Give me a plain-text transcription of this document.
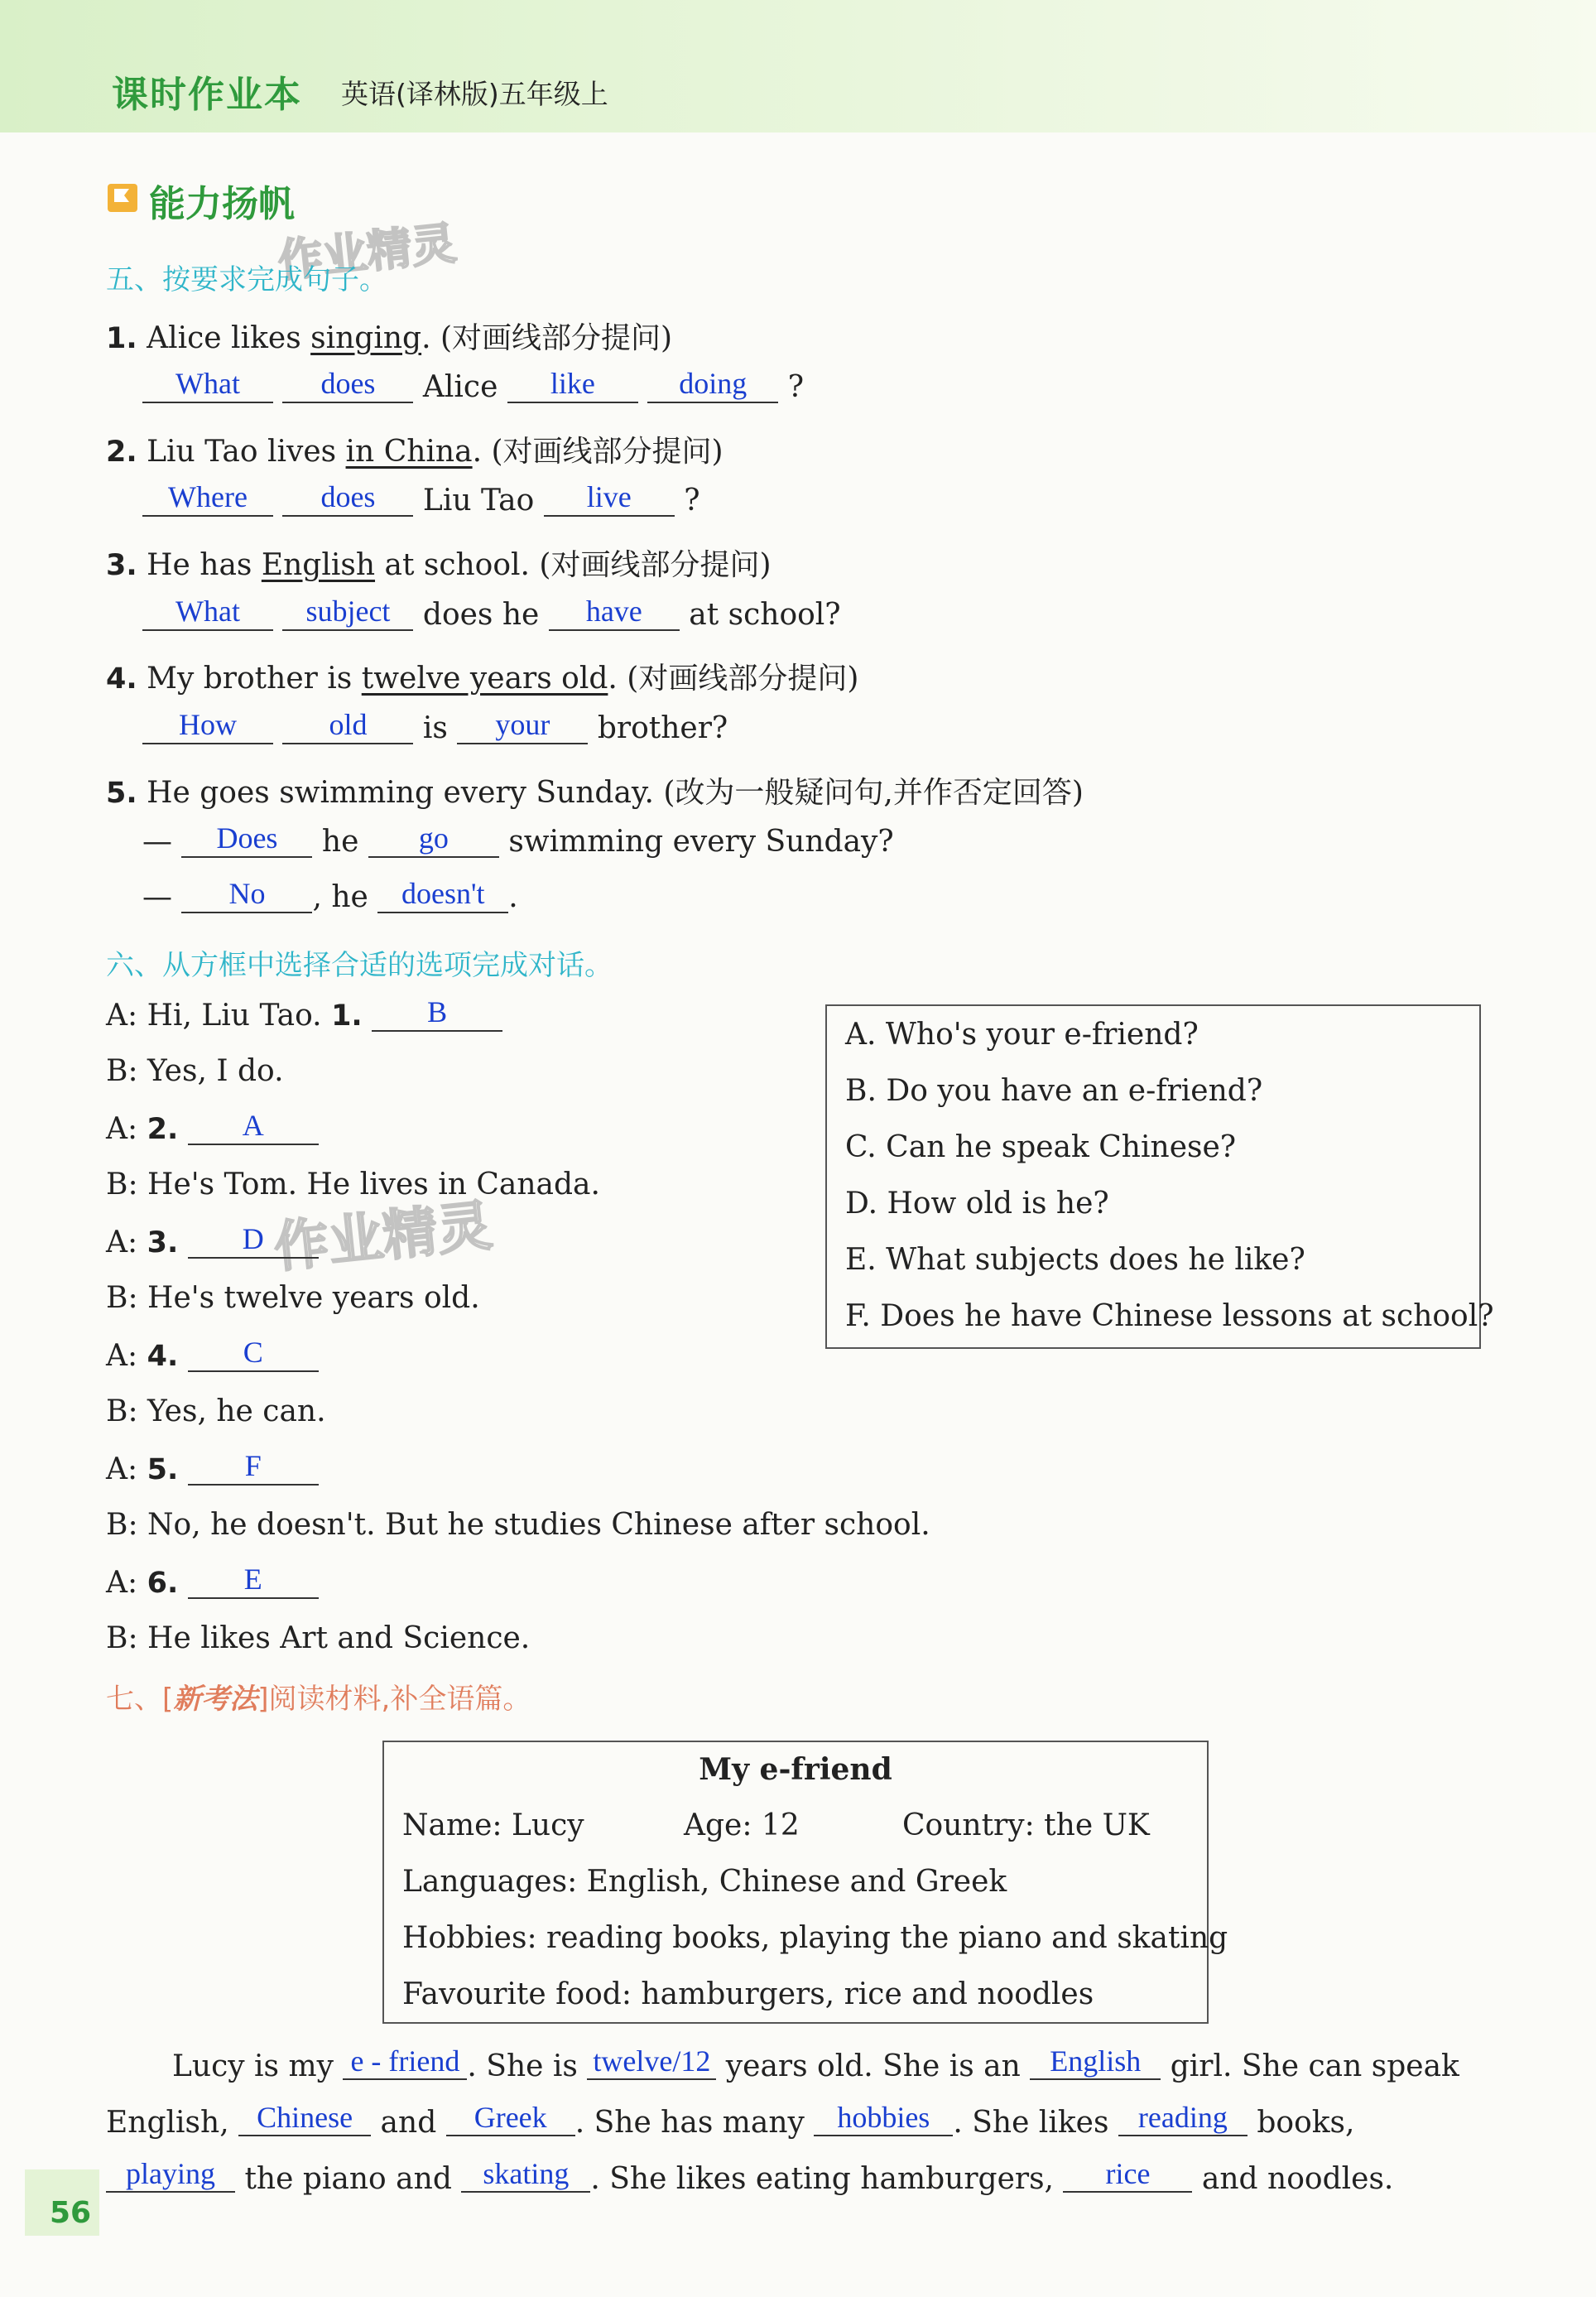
课时作业本 英语(译林版)五年级上
能力扬帆
作业精灵
作业精灵
五、按要求完成句子。
1. Alice likes singing. (对画线部分提问)
What	does Alice like	doing ?
2. Liu Tao lives in China. (对画线部分提问)
Where does Liu Tao live ?
3. He has English at school. (对画线部分提问)
What subject does he have at school?
4. My brother is twelve years old. (对画线部分提问)
How	old is your brother?
5. He goes swimming every Sunday. (改为一般疑问句,并作否定回答)
— Does he go swimming every Sunday?
— No , he doesn't .
六、从方框中选择合适的选项完成对话。
A: Hi, Liu Tao. 1. B
B: Yes, I do.
A: 2. A
B: He's Tom. He lives in Canada.
A: 3. D
B: He's twelve years old.
A: 4. C
B: Yes, he can.
A: 5. F
B: No, he doesn't. But he studies Chinese after school.
A: 6. E
B: He likes Art and Science.
A. Who's your e-friend?
B. Do you have an e-friend?
C. Can he speak Chinese?
D. How old is he?
E. What subjects does he like?
F. Does he have Chinese lessons at school?
七、[新考法]阅读材料,补全语篇。
My e-friend
Name: Lucy	Age: 12	Country: the UK
Languages: English, Chinese and Greek
Hobbies: reading books, playing the piano and skating
Favourite food: hamburgers, rice and noodles
Lucy is my e - friend . She is twelve/12 years old. She is an English girl. She can speak
English, Chinese and Greek . She has many hobbies . She likes reading books,
playing the piano and skating . She likes eating hamburgers, rice and noodles.
56
